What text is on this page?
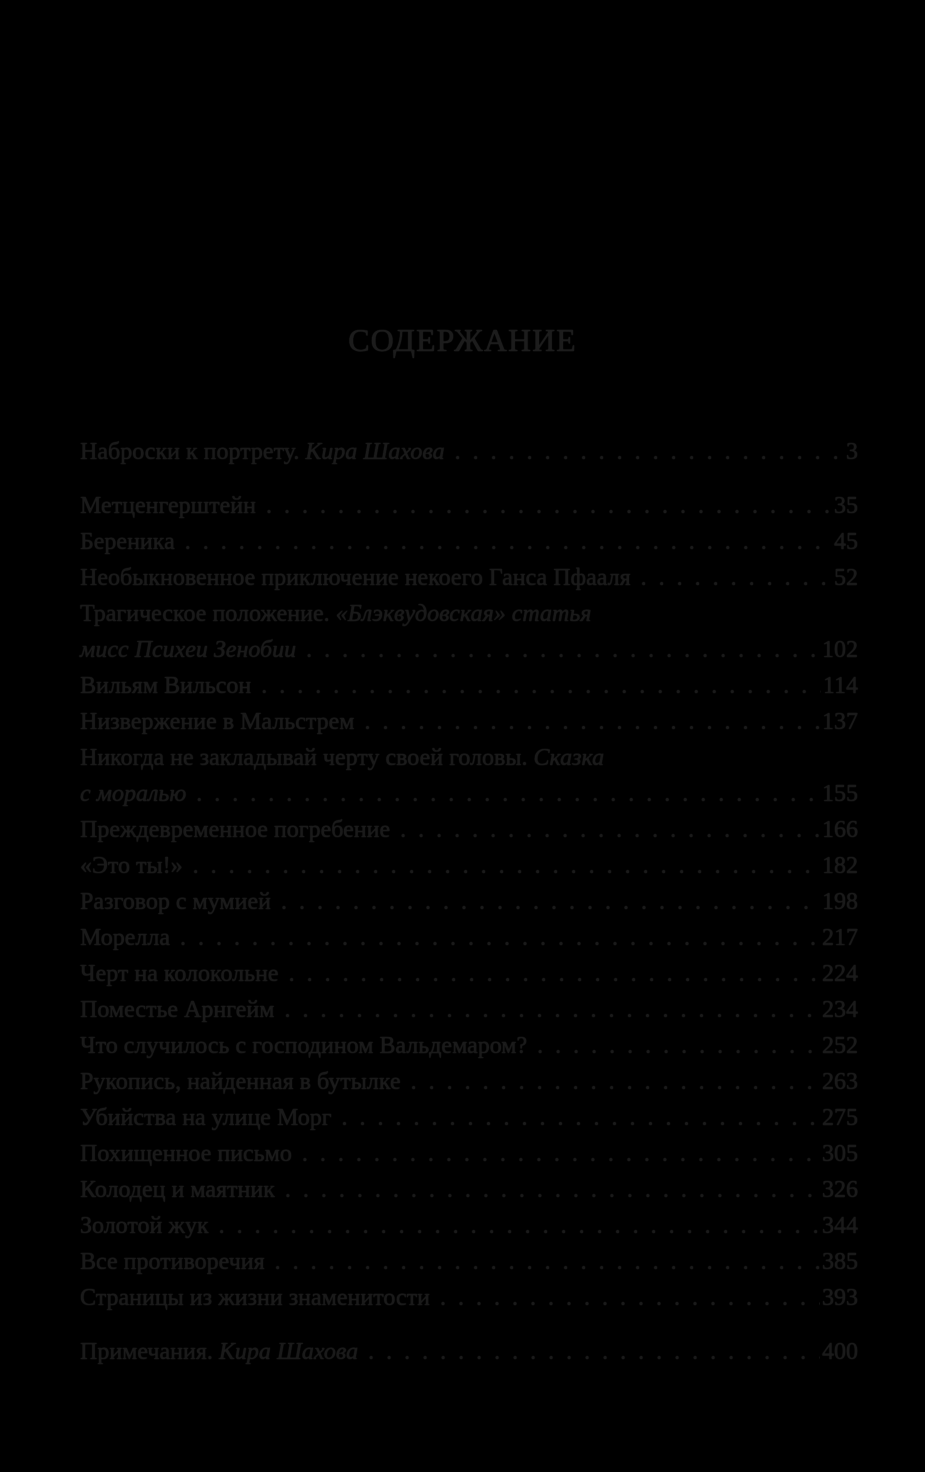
СОДЕРЖАНИЕ
Наброски к портрету. Кира Шахова . . .	3
Метценгерштейн . . .	35
Береника . . .	45
Необыкновенное приключение некоего Ганса Пфааля . . .	52
Трагическое положение. «Блэквудовская» статья
мисс Психеи Зенобии . . .	102
Вильям Вильсон . . .	114
Низвержение в Мальстрем . . .	137
Никогда не закладывай черту своей головы. Сказка
с моралью . . .	155
Преждевременное погребение . . .	166
«Это ты!» . . .	182
Разговор с мумией . . .	198
Морелла . . .	217
Черт на колокольне . . .	224
Поместье Арнгейм . . .	234
Что случилось с господином Вальдемаром? . . .	252
Рукопись, найденная в бутылке . . .	263
Убийства на улице Морг . . .	275
Похищенное письмо . . .	305
Колодец и маятник . . .	326
Золотой жук . . .	344
Все противоречия . . .	385
Страницы из жизни знаменитости . . .	393
Примечания. Кира Шахова . . .	400
